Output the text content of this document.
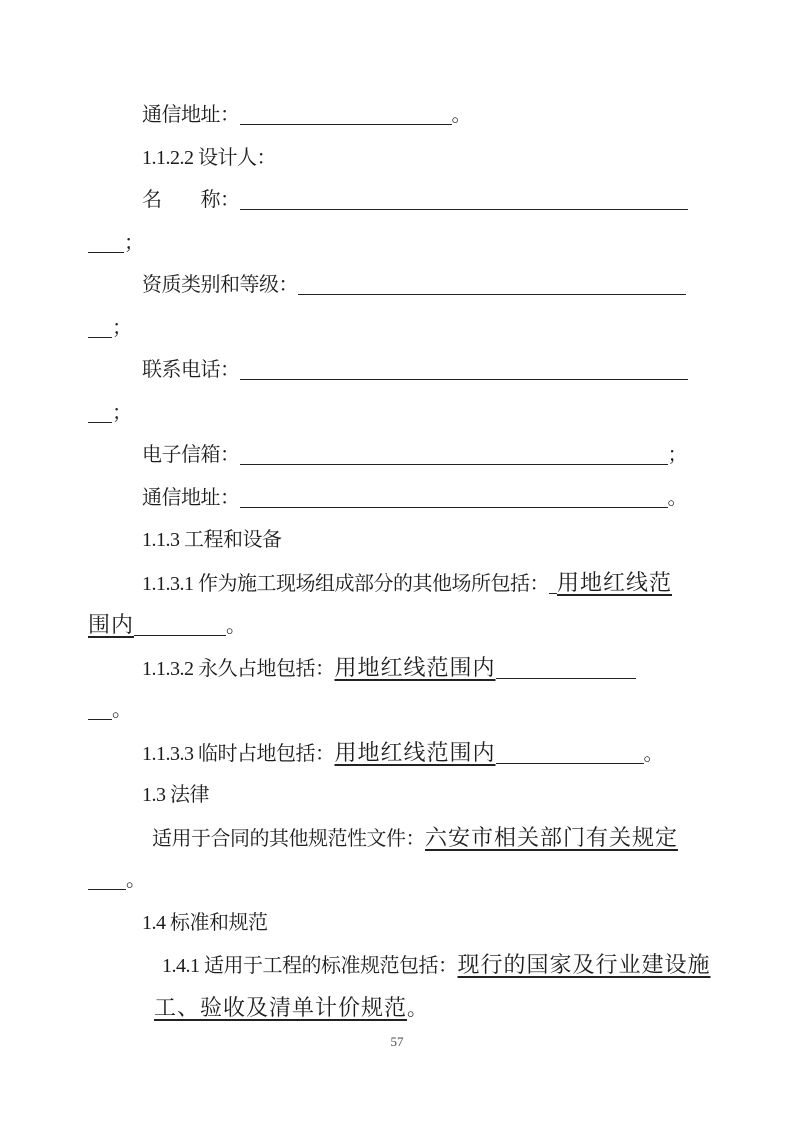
通信地址：	。
1.1.2.2 设计人：
名　　称：
；
资质类别和等级：
；
联系电话：
；
电子信箱：	；
通信地址：	。
1.1.3 工程和设备
1.1.3.1 作为施工现场组成部分的其他场所包括： 用地红线范
围内	。
1.1.3.2 永久占地包括：用地红线范围内
。
1.1.3.3 临时占地包括：用地红线范围内	。
1.3 法律
适用于合同的其他规范性文件：六安市相关部门有关规定
。
1.4 标准和规范
1.4.1 适用于工程的标准规范包括：现行的国家及行业建设施
工、验收及清单计价规范。
57
